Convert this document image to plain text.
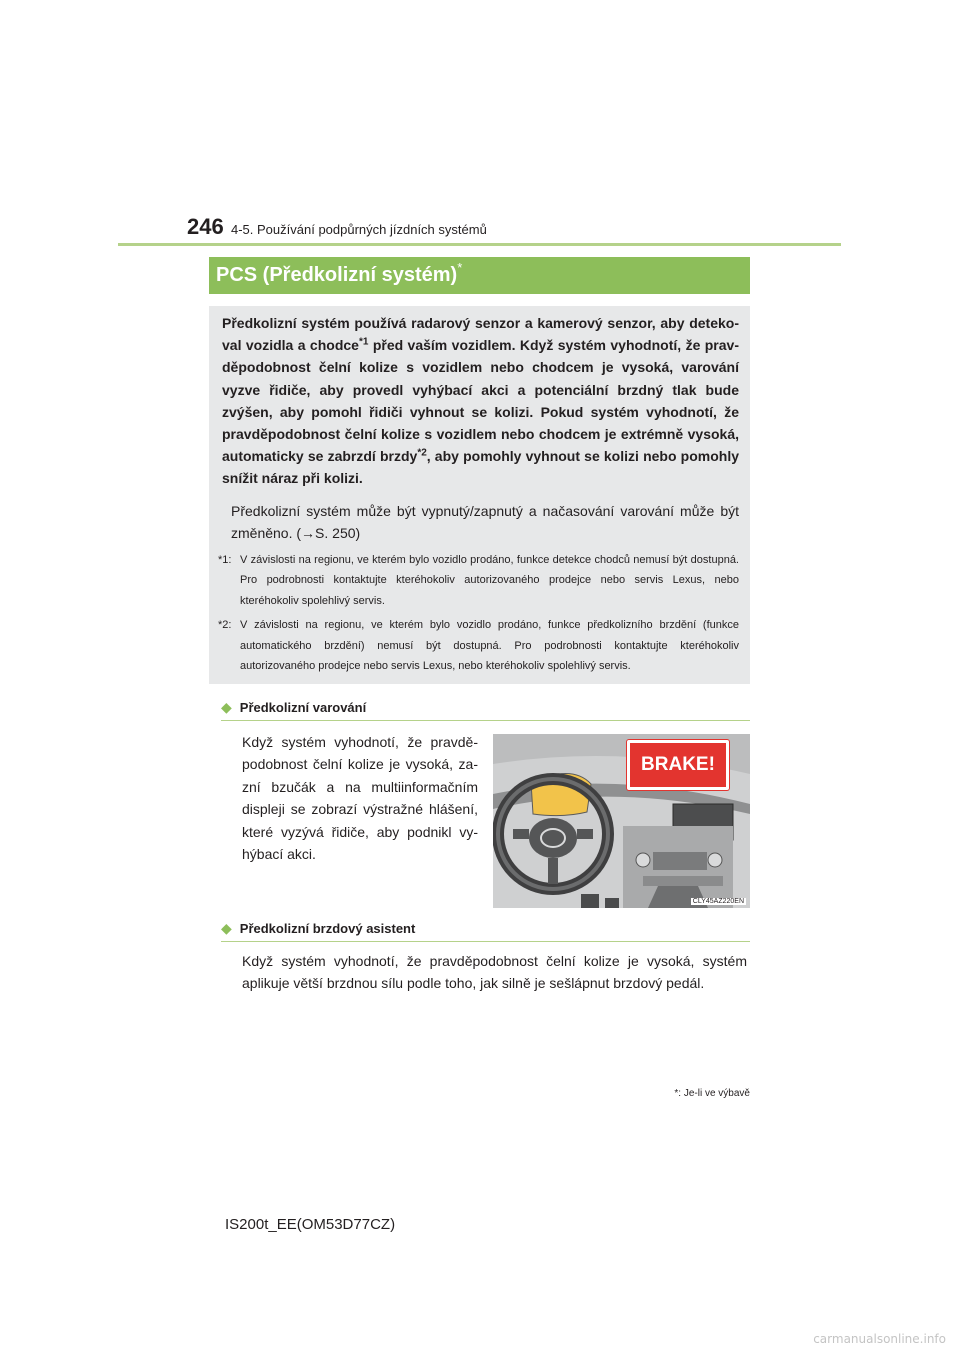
246 4-5. Používání podpůrných jízdních systémů
PCS (Předkolizní systém)*
Předkolizní systém používá radarový senzor a kamerový senzor, aby detekoval vozidla a chodce$^{*1}$ před vaším vozidlem. Když systém vyhodnotí, že pravděpodobnost čelní kolize s vozidlem nebo chodcem je vysoká, varování vyzve řidiče, aby provedl vyhýbací akci a potenciální brzdný tlak bude zvýšen, aby pomohl řidiči vyhnout se kolizi. Pokud systém vyhodnotí, že pravděpodobnost čelní kolize s vozidlem nebo chodcem je extrémně vysoká, automaticky se zabrzdí brzdy$^{*2}$, aby pomohly vyhnout se kolizi nebo pomohly snížit náraz při kolizi.
Předkolizní systém může být vypnutý/zapnutý a načasování varování může být změněno. (→S. 250)
*1: V závislosti na regionu, ve kterém bylo vozidlo prodáno, funkce detekce chodců nemusí být dostupná. Pro podrobnosti kontaktujte kteréhokoliv autorizovaného prodejce nebo servis Lexus, nebo kteréhokoliv spolehlivý servis.
*2: V závislosti na regionu, ve kterém bylo vozidlo prodáno, funkce předkolizního brzdění (funkce automatického brzdění) nemusí být dostupná. Pro podrobnosti kontaktujte kteréhokoliv autorizovaného prodejce nebo servis Lexus, nebo kteréhokoliv spolehlivý servis.
◆ Předkolizní varování
Když systém vyhodnotí, že pravděpodobnost čelní kolize je vysoká, zazní bzučák a na multiinformačním displeji se zobrazí výstražné hlášení, které vyzývá řidiče, aby podnikl vyhýbací akci.
BRAKE!
CLY45AZ220EN
◆ Předkolizní brzdový asistent
Když systém vyhodnotí, že pravděpodobnost čelní kolize je vysoká, systém aplikuje větší brzdnou sílu podle toho, jak silně je sešlápnut brzdový pedál.
*: Je-li ve výbavě
IS200t_EE(OM53D77CZ)
carmanualsonline.info
